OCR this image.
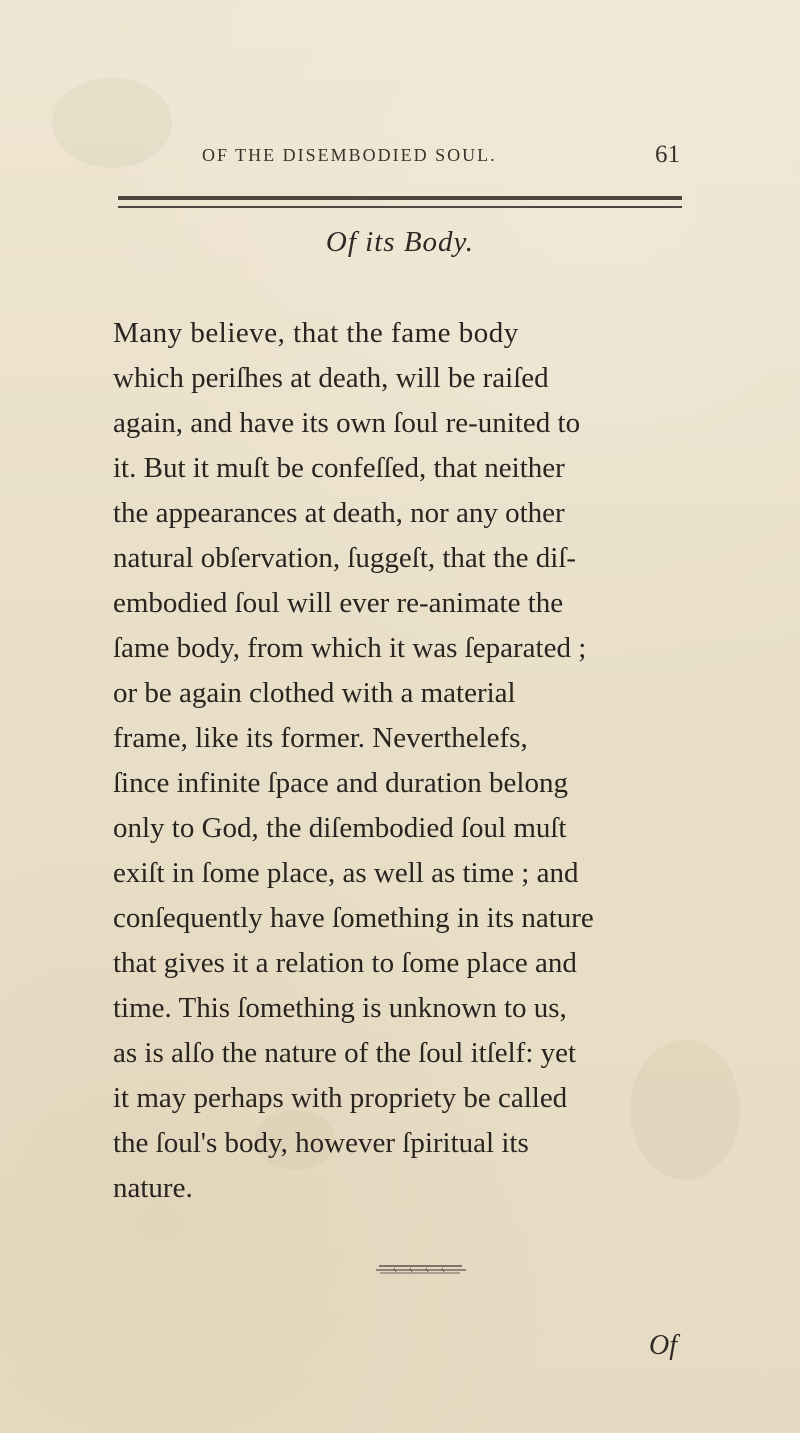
OF THE DISEMBODIED SOUL.	61
Of its Body.
Many believe, that the fame body
which periſhes at death, will be raiſed
again, and have its own ſoul re-united to
it. But it muſt be confeſſed, that neither
the appearances at death, nor any other
natural obſervation, ſuggeſt, that the diſ-
embodied ſoul will ever re-animate the
ſame body, from which it was ſeparated ;
or be again clothed with a material
frame, like its former. Neverthelefs,
ſince infinite ſpace and duration belong
only to God, the diſembodied ſoul muſt
exiſt in ſome place, as well as time ; and
conſequently have ſomething in its nature
that gives it a relation to ſome place and
time. This ſomething is unknown to us,
as is alſo the nature of the ſoul itſelf: yet
it may perhaps with propriety be called
the ſoul's body, however ſpiritual its
nature.
Of
